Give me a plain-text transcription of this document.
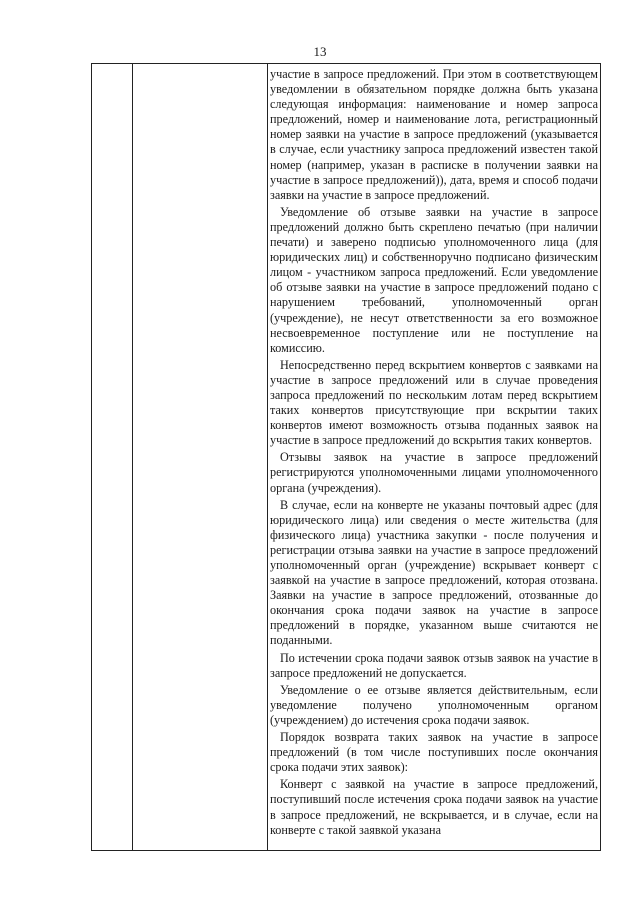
13

участие в запросе предложений. При этом в соответствующем уведомлении в обязательном порядке должна быть указана следующая информация: наименование и номер запроса предложений, номер и наименование лота, регистрационный номер заявки на участие в запросе предложений (указывается в случае, если участнику запроса предложений известен такой номер (например, указан в расписке в получении заявки на участие в запросе предложений)), дата, время и способ подачи заявки на участие в запросе предложений.

Уведомление об отзыве заявки на участие в запросе предложений должно быть скреплено печатью (при наличии печати) и заверено подписью уполномоченного лица (для юридических лиц) и собственноручно подписано физическим лицом - участником запроса предложений. Если уведомление об отзыве заявки на участие в запросе предложений подано с нарушением требований, уполномоченный орган (учреждение), не несут ответственности за его возможное несвоевременное поступление или не поступление на комиссию.

Непосредственно перед вскрытием конвертов с заявками на участие в запросе предложений или в случае проведения запроса предложений по нескольким лотам перед вскрытием таких конвертов присутствующие при вскрытии таких конвертов имеют возможность отзыва поданных заявок на участие в запросе предложений до вскрытия таких конвертов.

Отзывы заявок на участие в запросе предложений регистрируются уполномоченными лицами уполномоченного органа (учреждения).

В случае, если на конверте не указаны почтовый адрес (для юридического лица) или сведения о месте жительства (для физического лица) участника закупки - после получения и регистрации отзыва заявки на участие в запросе предложений уполномоченный орган (учреждение) вскрывает конверт с заявкой на участие в запросе предложений, которая отозвана. Заявки на участие в запросе предложений, отозванные до окончания срока подачи заявок на участие в запросе предложений в порядке, указанном выше считаются не поданными.

По истечении срока подачи заявок отзыв заявок на участие в запросе предложений не допускается.

Уведомление о ее отзыве является действительным, если уведомление получено уполномоченным органом (учреждением) до истечения срока подачи заявок.

Порядок возврата таких заявок на участие в запросе предложений (в том числе поступивших после окончания срока подачи этих заявок):

Конверт с заявкой на участие в запросе предложений, поступивший после истечения срока подачи заявок на участие в запросе предложений, не вскрывается, и в случае, если на конверте с такой заявкой указана
